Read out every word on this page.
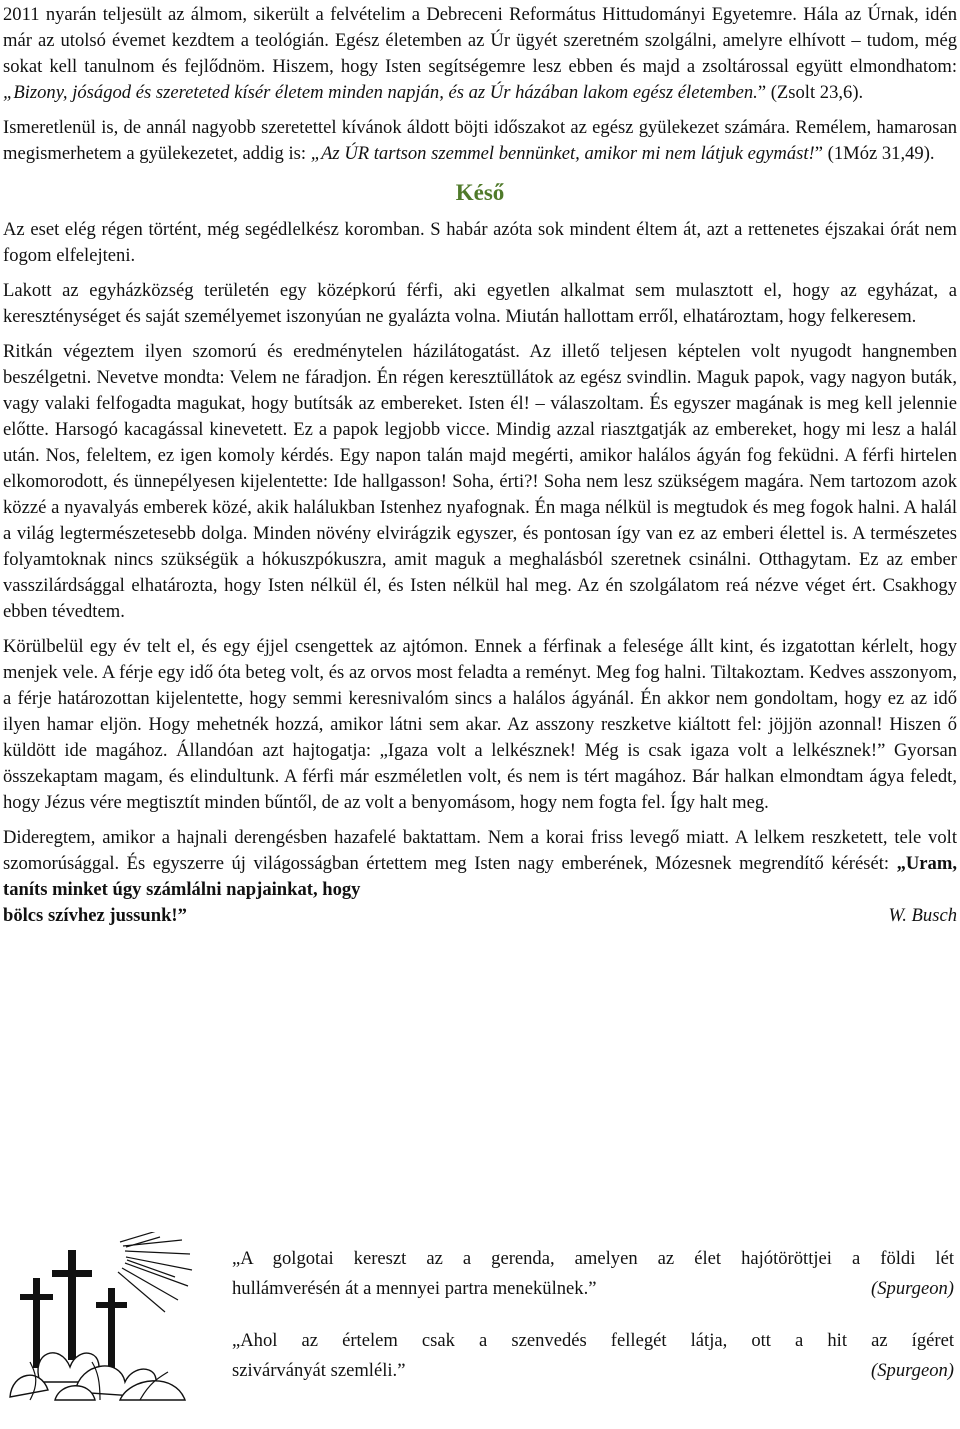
2011 nyarán teljesült az álmom, sikerült a felvételim a Debreceni Református Hittudományi Egyetemre. Hála az Úrnak, idén már az utolsó évemet kezdtem a teológián. Egész életemben az Úr ügyét szeretném szolgálni, amelyre elhívott – tudom, még sokat kell tanulnom és fejlődnöm. Hiszem, hogy Isten segítségemre lesz ebben és majd a zsoltárossal együtt elmondhatom: „Bizony, jóságod és szereteted kísér életem minden napján, és az Úr házában lakom egész életemben.” (Zsolt 23,6).

Ismeretlenül is, de annál nagyobb szeretettel kívánok áldott böjti időszakot az egész gyülekezet számára. Remélem, hamarosan megismerhetem a gyülekezetet, addig is: „Az ÚR tartson szemmel bennünket, amikor mi nem látjuk egymást!” (1Móz 31,49).

Késő

Az eset elég régen történt, még segédlelkész koromban. S habár azóta sok mindent éltem át, azt a rettenetes éjszakai órát nem fogom elfelejteni.

Lakott az egyházközség területén egy középkorú férfi, aki egyetlen alkalmat sem mulasztott el, hogy az egyházat, a kereszténységet és saját személyemet iszonyúan ne gyalázta volna. Miután hallottam erről, elhatároztam, hogy felkeresem.

Ritkán végeztem ilyen szomorú és eredménytelen házilátogatást. Az illető teljesen képtelen volt nyugodt hangnemben beszélgetni. Nevetve mondta: Velem ne fáradjon. Én régen keresztüllátok az egész svindlin. Maguk papok, vagy nagyon buták, vagy valaki felfogadta magukat, hogy butítsák az embereket. Isten él! – válaszoltam. És egyszer magának is meg kell jelennie előtte. Harsogó kacagással kinevetett. Ez a papok legjobb vicce. Mindig azzal riasztgatják az embereket, hogy mi lesz a halál után. Nos, feleltem, ez igen komoly kérdés. Egy napon talán majd megérti, amikor halálos ágyán fog feküdni. A férfi hirtelen elkomorodott, és ünnepélyesen kijelentette: Ide hallgasson! Soha, érti?! Soha nem lesz szükségem magára. Nem tartozom azok közzé a nyavalyás emberek közé, akik halálukban Istenhez nyafognak. Én maga nélkül is megtudok és meg fogok halni. A halál a világ legtermészetesebb dolga. Minden növény elvirágzik egyszer, és pontosan így van ez az emberi élettel is. A természetes folyamtoknak nincs szükségük a hókuszpókuszra, amit maguk a meghalásból szeretnek csinálni. Otthagytam. Ez az ember vasszilárdsággal elhatározta, hogy Isten nélkül él, és Isten nélkül hal meg. Az én szolgálatom reá nézve véget ért. Csakhogy ebben tévedtem.

Körülbelül egy év telt el, és egy éjjel csengettek az ajtómon. Ennek a férfinak a felesége állt kint, és izgatottan kérlelt, hogy menjek vele. A férje egy idő óta beteg volt, és az orvos most feladta a reményt. Meg fog halni. Tiltakoztam. Kedves asszonyom, a férje határozottan kijelentette, hogy semmi keresnivalóm sincs a halálos ágyánál. Én akkor nem gondoltam, hogy ez az idő ilyen hamar eljön. Hogy mehetnék hozzá, amikor látni sem akar. Az asszony reszketve kiáltott fel: jöjjön azonnal! Hiszen ő küldött ide magához. Állandóan azt hajtogatja: „Igaza volt a lelkésznek! Még is csak igaza volt a lelkésznek!” Gyorsan összekaptam magam, és elindultunk. A férfi már eszméletlen volt, és nem is tért magához. Bár halkan elmondtam ágya feledt, hogy Jézus vére megtisztít minden bűntől, de az volt a benyomásom, hogy nem fogta fel. Így halt meg.

Dideregtem, amikor a hajnali derengésben hazafelé baktattam. Nem a korai friss levegő miatt. A lelkem reszketett, tele volt szomorúsággal. És egyszerre új világosságban értettem meg Isten nagy emberének, Mózesnek megrendítő kérését: „Uram, taníts minket úgy számlálni napjainkat, hogy

bölcs szívhez jussunk!”	W. Busch
„A golgotai kereszt az a gerenda, amelyen az élet hajótöröttjei a földi lét
hullámverésén át a mennyei partra menekülnek.”	(Spurgeon)
„Ahol az értelem csak a szenvedés fellegét látja, ott a hit az ígéret
szivárványát szemléli.”	(Spurgeon)
